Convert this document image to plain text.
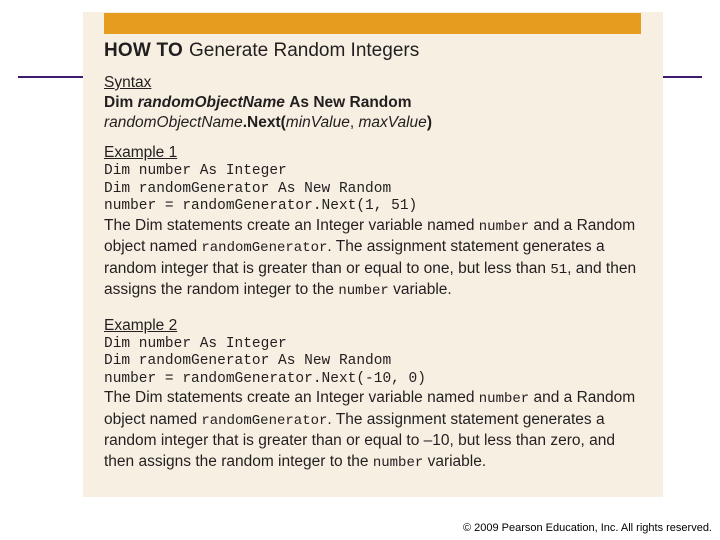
HOW TO Generate Random Integers
Syntax
Dim randomObjectName As New Random
randomObjectName.Next(minValue, maxValue)
Example 1
Dim number As Integer
Dim randomGenerator As New Random
number = randomGenerator.Next(1, 51)
The Dim statements create an Integer variable named number and a Random object named randomGenerator. The assignment statement generates a random integer that is greater than or equal to one, but less than 51, and then assigns the random integer to the number variable.
Example 2
Dim number As Integer
Dim randomGenerator As New Random
number = randomGenerator.Next(-10, 0)
The Dim statements create an Integer variable named number and a Random object named randomGenerator. The assignment statement generates a random integer that is greater than or equal to –10, but less than zero, and then assigns the random integer to the number variable.
© 2009 Pearson Education, Inc. All rights reserved.
